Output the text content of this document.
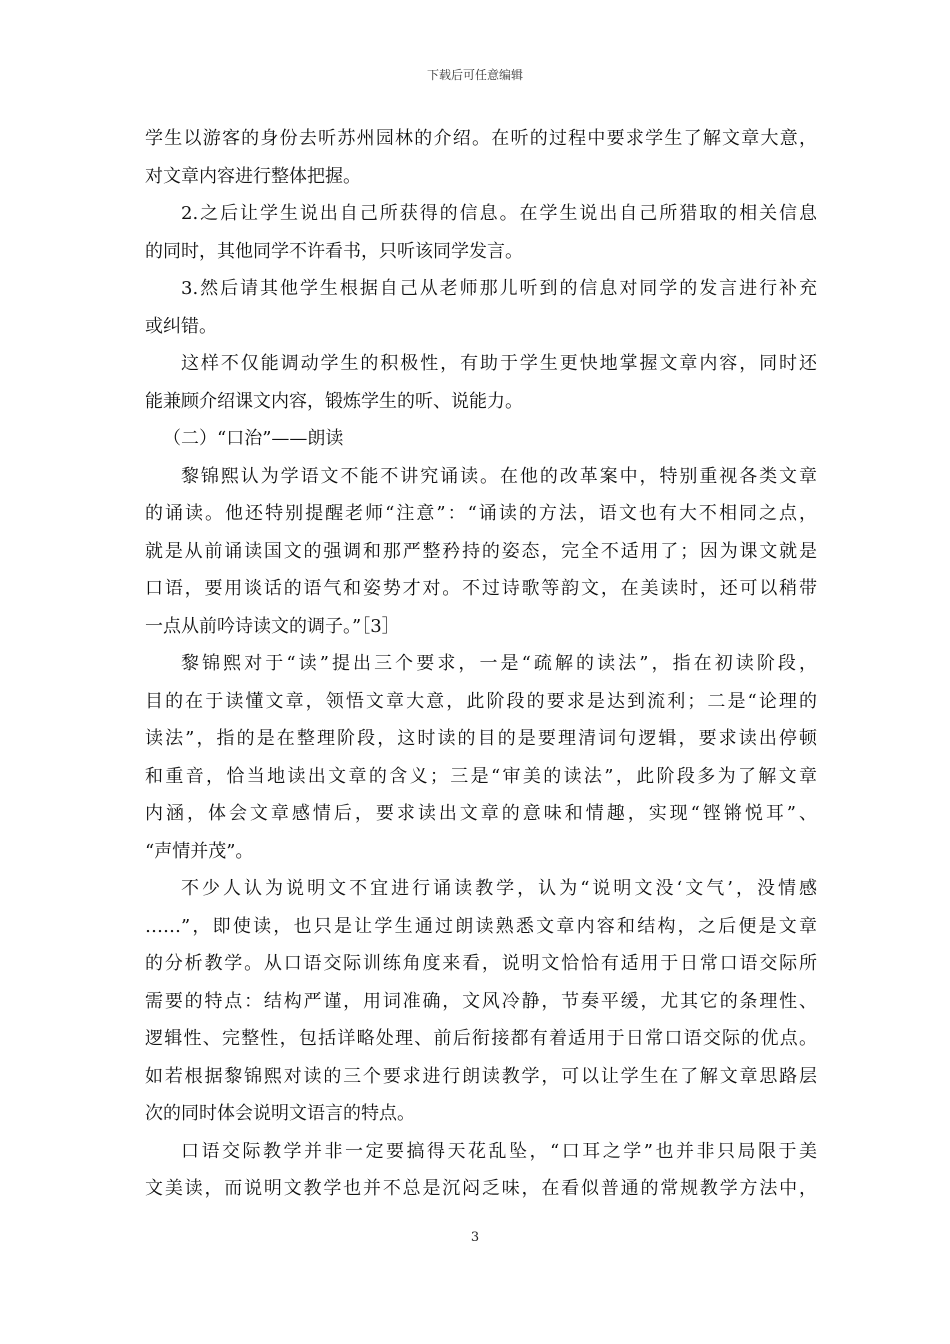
下载后可任意编辑
学生以游客的身份去听苏州园林的介绍。在听的过程中要求学生了解文章大意，
对文章内容进行整体把握。
2.之后让学生说出自己所获得的信息。在学生说出自己所猎取的相关信息
的同时，其他同学不许看书，只听该同学发言。
3.然后请其他学生根据自己从老师那儿听到的信息对同学的发言进行补充
或纠错。
这样不仅能调动学生的积极性，有助于学生更快地掌握文章内容，同时还
能兼顾介绍课文内容，锻炼学生的听、说能力。
（二）“口治”——朗读
黎锦熙认为学语文不能不讲究诵读。在他的改革案中，特别重视各类文章
的诵读。他还特别提醒老师“注意”：“诵读的方法，语文也有大不相同之点，
就是从前诵读国文的强调和那严整矜持的姿态，完全不适用了；因为课文就是
口语，要用谈话的语气和姿势才对。不过诗歌等韵文，在美读时，还可以稍带
一点从前吟诗读文的调子。”［3］
黎锦熙对于“读”提出三个要求，一是“疏解的读法”，指在初读阶段，
目的在于读懂文章，领悟文章大意，此阶段的要求是达到流利；二是“论理的
读法”，指的是在整理阶段，这时读的目的是要理清词句逻辑，要求读出停顿
和重音，恰当地读出文章的含义；三是“审美的读法”，此阶段多为了解文章
内涵，体会文章感情后，要求读出文章的意味和情趣，实现“铿锵悦耳”、
“声情并茂”。
不少人认为说明文不宜进行诵读教学，认为“说明文没‘文气’，没情感
……”，即使读，也只是让学生通过朗读熟悉文章内容和结构，之后便是文章
的分析教学。从口语交际训练角度来看，说明文恰恰有适用于日常口语交际所
需要的特点：结构严谨，用词准确，文风冷静，节奏平缓，尤其它的条理性、
逻辑性、完整性，包括详略处理、前后衔接都有着适用于日常口语交际的优点。
如若根据黎锦熙对读的三个要求进行朗读教学，可以让学生在了解文章思路层
次的同时体会说明文语言的特点。
口语交际教学并非一定要搞得天花乱坠，“口耳之学”也并非只局限于美
文美读，而说明文教学也并不总是沉闷乏味，在看似普通的常规教学方法中，
3
